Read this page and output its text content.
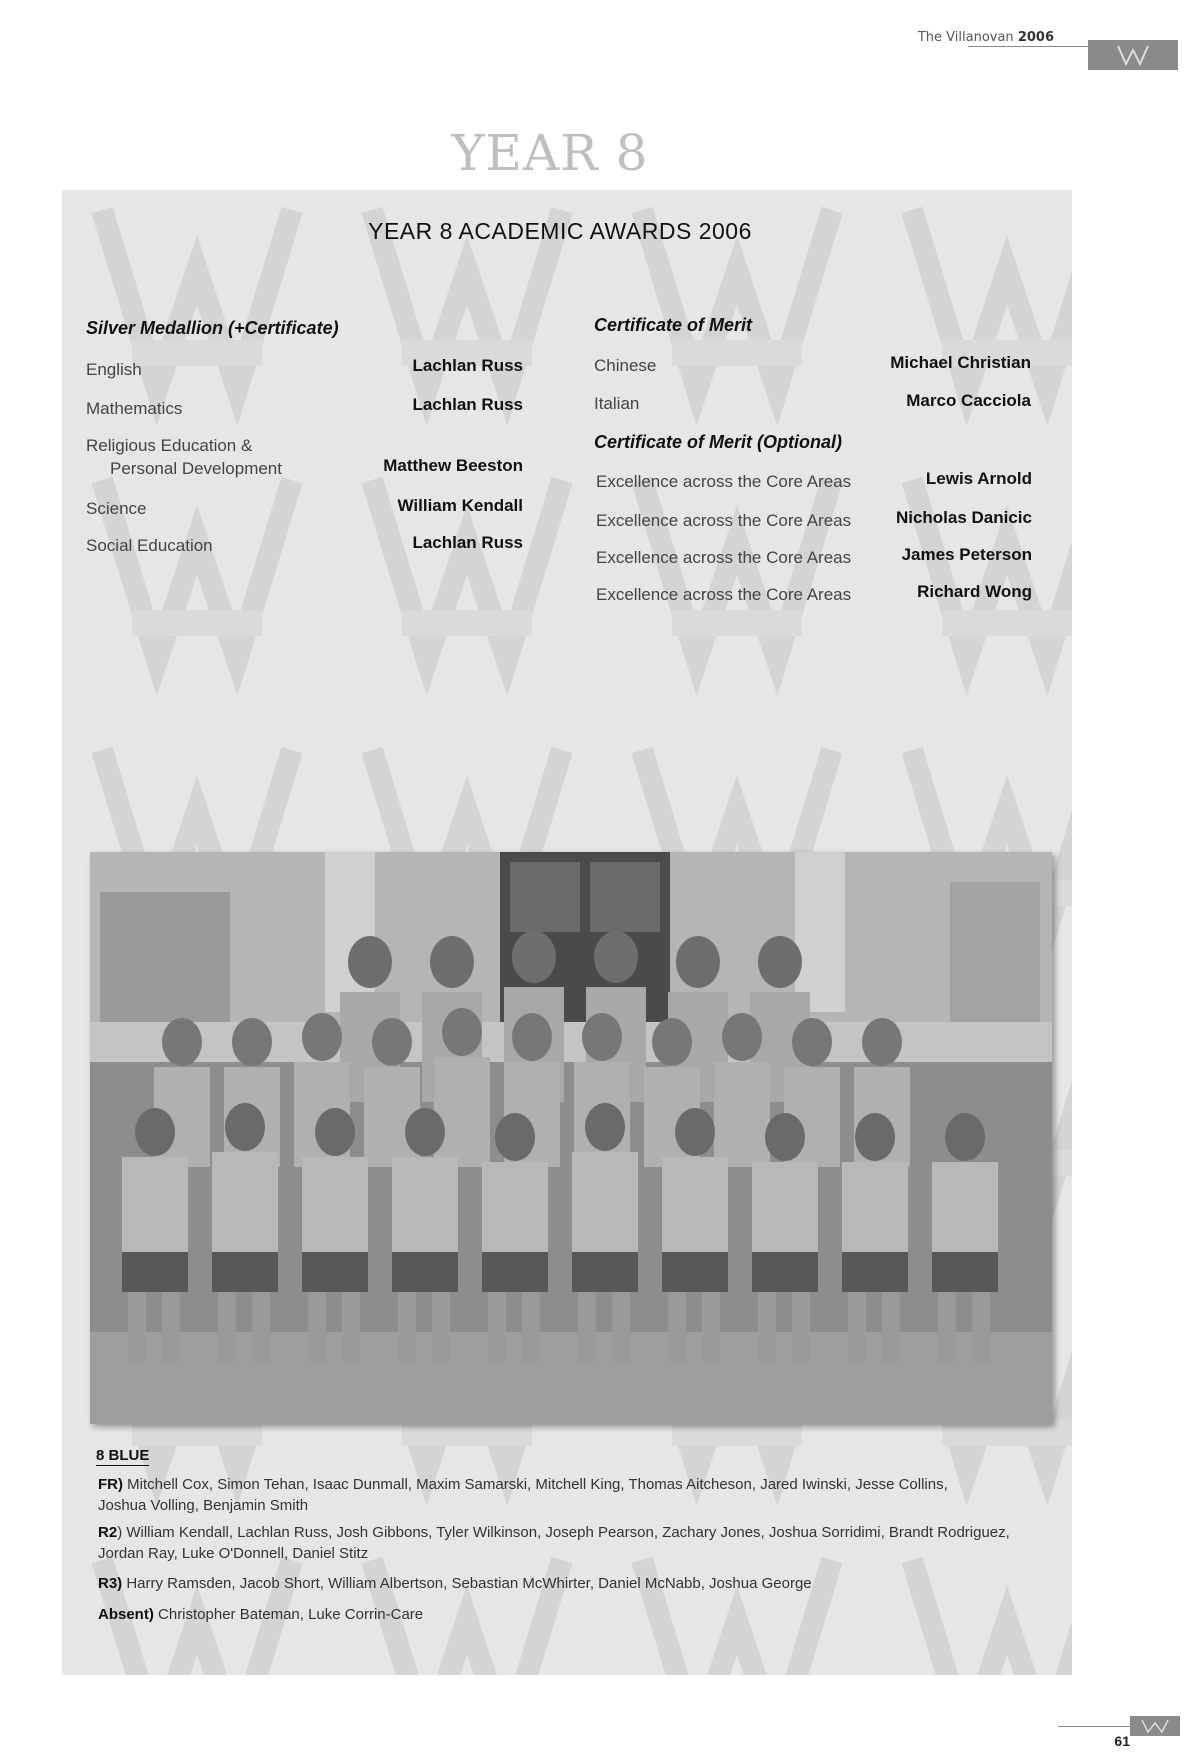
The Villanovan 2006
YEAR 8
YEAR 8 ACADEMIC AWARDS 2006
Silver Medallion (+Certificate)
English	Lachlan Russ
Mathematics	Lachlan Russ
Religious Education &
Personal Development	Matthew Beeston
Science	William Kendall
Social Education	Lachlan Russ
Certificate of Merit
Chinese	Michael Christian
Italian	Marco Cacciola
Certificate of Merit (Optional)
Excellence across the Core Areas	Lewis Arnold
Excellence across the Core Areas	Nicholas Danicic
Excellence across the Core Areas	James Peterson
Excellence across the Core Areas	Richard Wong
8 BLUE
FR) Mitchell Cox, Simon Tehan, Isaac Dunmall, Maxim Samarski, Mitchell King, Thomas Aitcheson, Jared Iwinski, Jesse Collins,
Joshua Volling, Benjamin Smith
R2) William Kendall, Lachlan Russ, Josh Gibbons, Tyler Wilkinson, Joseph Pearson, Zachary Jones, Joshua Sorridimi, Brandt Rodriguez,
Jordan Ray, Luke O'Donnell, Daniel Stitz
R3) Harry Ramsden, Jacob Short, William Albertson, Sebastian McWhirter, Daniel McNabb, Joshua George
Absent) Christopher Bateman, Luke Corrin-Care
61
